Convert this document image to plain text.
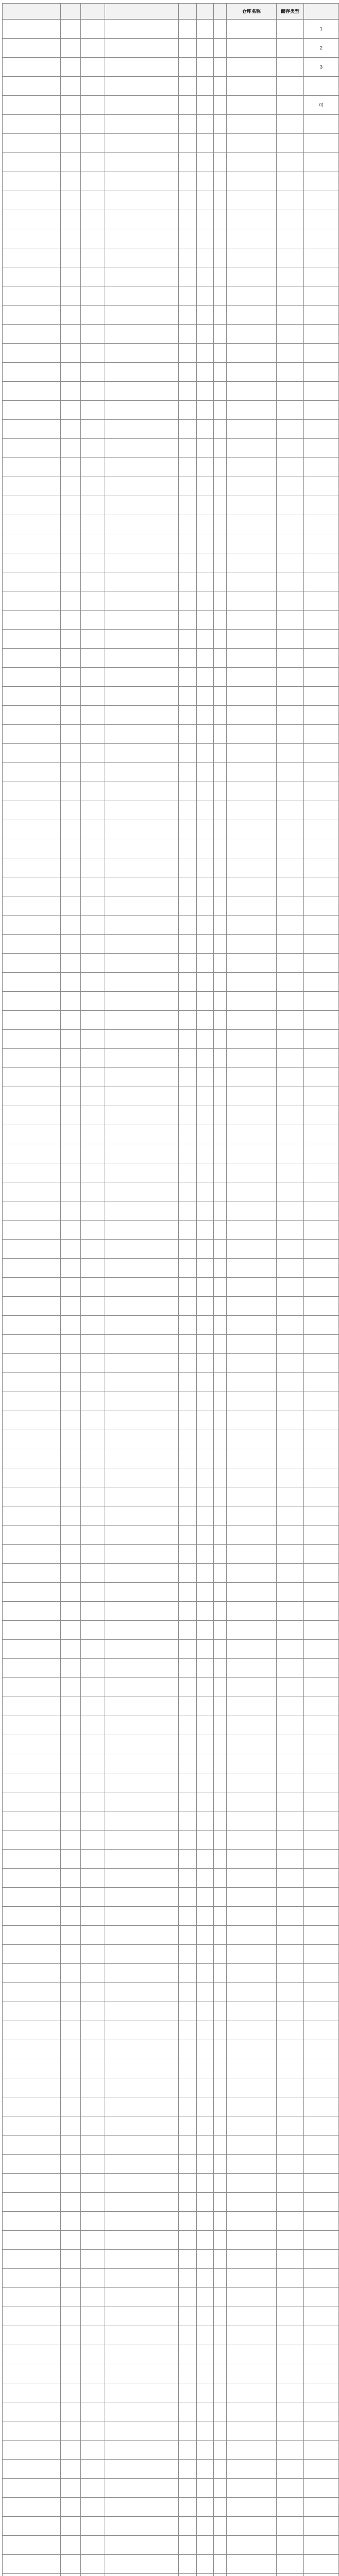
							仓库名称	储存类型	
									1
									2
									3

									可
